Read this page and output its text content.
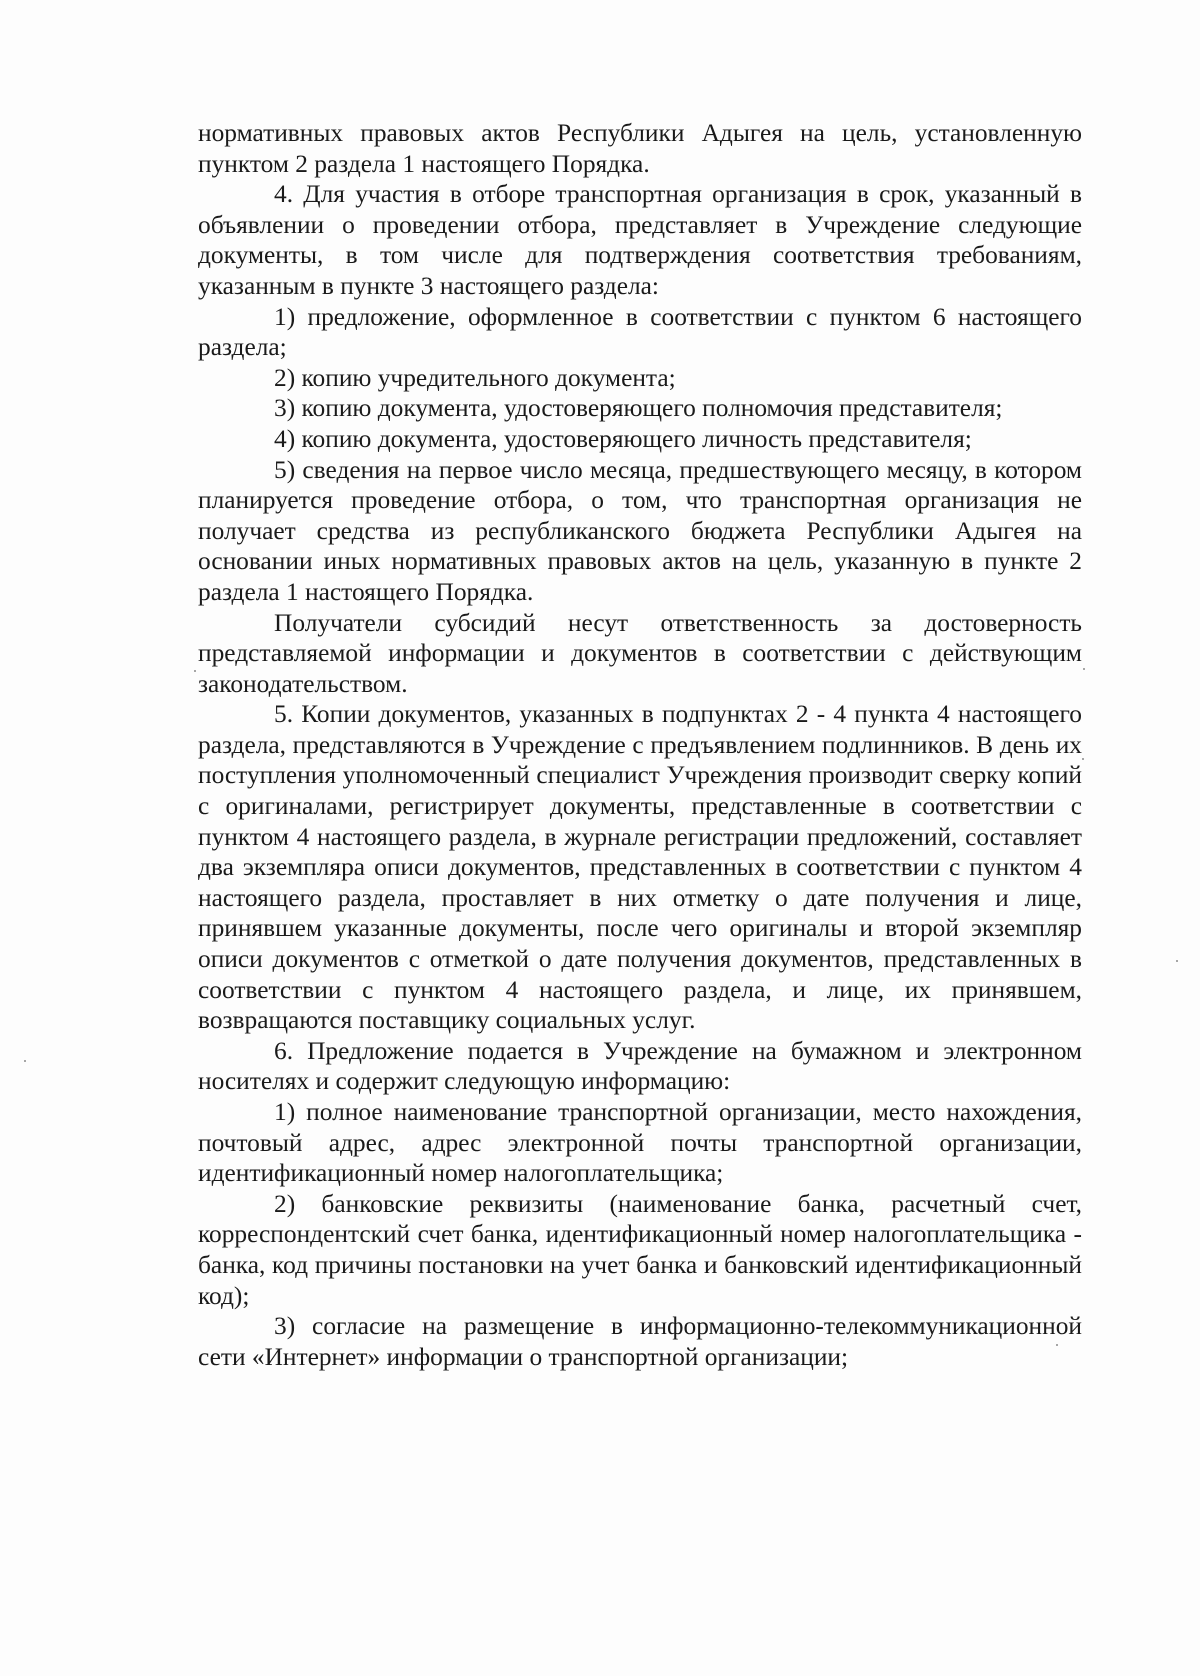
нормативных правовых актов Республики Адыгея на цель, установленную пунктом 2 раздела 1 настоящего Порядка.

4. Для участия в отборе транспортная организация в срок, указанный в объявлении о проведении отбора, представляет в Учреждение следующие документы, в том числе для подтверждения соответствия требованиям, указанным в пункте 3 настоящего раздела:

1) предложение, оформленное в соответствии с пунктом 6 настоящего раздела;

2) копию учредительного документа;

3) копию документа, удостоверяющего полномочия представителя;

4) копию документа, удостоверяющего личность представителя;

5) сведения на первое число месяца, предшествующего месяцу, в котором планируется проведение отбора, о том, что транспортная организация не получает средства из республиканского бюджета Республики Адыгея на основании иных нормативных правовых актов на цель, указанную в пункте 2 раздела 1 настоящего Порядка.

Получатели субсидий несут ответственность за достоверность представляемой информации и документов в соответствии с действующим законодательством.

5. Копии документов, указанных в подпунктах 2 - 4 пункта 4 настоящего раздела, представляются в Учреждение с предъявлением подлинников. В день их поступления уполномоченный специалист Учреждения производит сверку копий с оригиналами, регистрирует документы, представленные в соответствии с пунктом 4 настоящего раздела, в журнале регистрации предложений, составляет два экземпляра описи документов, представленных в соответствии с пунктом 4 настоящего раздела, проставляет в них отметку о дате получения и лице, принявшем указанные документы, после чего оригиналы и второй экземпляр описи документов с отметкой о дате получения документов, представленных в соответствии с пунктом 4 настоящего раздела, и лице, их принявшем, возвращаются поставщику социальных услуг.

6. Предложение подается в Учреждение на бумажном и электронном носителях и содержит следующую информацию:

1) полное наименование транспортной организации, место нахождения, почтовый адрес, адрес электронной почты транспортной организации, идентификационный номер налогоплательщика;

2) банковские реквизиты (наименование банка, расчетный счет, корреспондентский счет банка, идентификационный номер налогоплательщика - банка, код причины постановки на учет банка и банковский идентификационный код);

3) согласие на размещение в информационно-телекоммуникационной сети «Интернет» информации о транспортной организации;
